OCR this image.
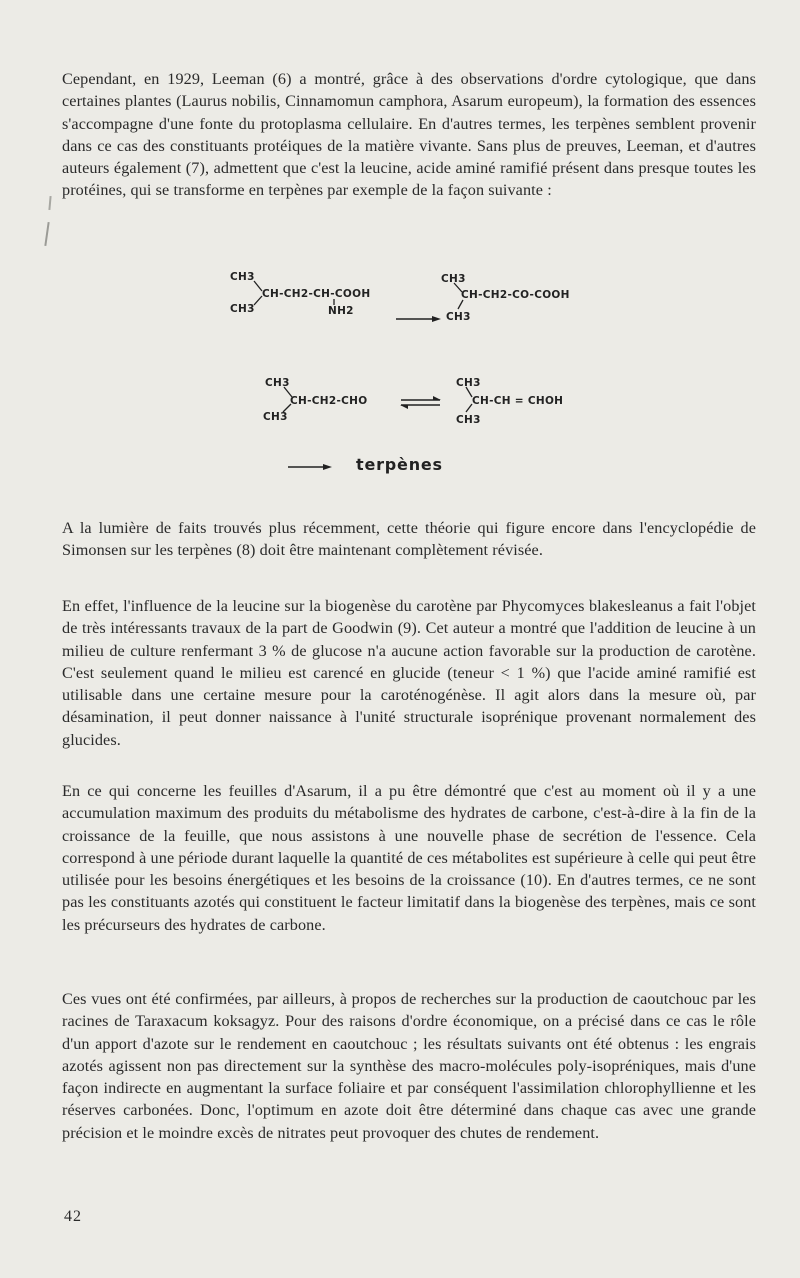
Cependant, en 1929, Leeman (6) a montré, grâce à des observations d'ordre cytologique, que dans certaines plantes (Laurus nobilis, Cinnamomun camphora, Asarum europeum), la formation des essences s'accompagne d'une fonte du protoplasma cellulaire. En d'autres termes, les terpènes semblent provenir dans ce cas des constituants protéiques de la matière vivante. Sans plus de preuves, Leeman, et d'autres auteurs également (7), admettent que c'est la leucine, acide aminé ramifié présent dans presque toutes les protéines, qui se transforme en terpènes par exemple de la façon suivante :

CH3
CH-CH2-CH-COOH
CH3	NH2
CH3
CH-CH2-CO-COOH
CH3
CH3
CH-CH2-CHO
CH3
CH3
CH-CH = CHOH
CH3
terpènes

A la lumière de faits trouvés plus récemment, cette théorie qui figure encore dans l'encyclopédie de Simonsen sur les terpènes (8) doit être maintenant complètement révisée.

En effet, l'influence de la leucine sur la biogenèse du carotène par Phycomyces blakesleanus a fait l'objet de très intéressants travaux de la part de Goodwin (9). Cet auteur a montré que l'addition de leucine à un milieu de culture renfermant 3 % de glucose n'a aucune action favorable sur la production de carotène. C'est seulement quand le milieu est carencé en glucide (teneur < 1 %) que l'acide aminé ramifié est utilisable dans une certaine mesure pour la caroténogénèse. Il agit alors dans la mesure où, par désamination, il peut donner naissance à l'unité structurale isoprénique provenant normalement des glucides.

En ce qui concerne les feuilles d'Asarum, il a pu être démontré que c'est au moment où il y a une accumulation maximum des produits du métabolisme des hydrates de carbone, c'est-à-dire à la fin de la croissance de la feuille, que nous assistons à une nouvelle phase de secrétion de l'essence. Cela correspond à une période durant laquelle la quantité de ces métabolites est supérieure à celle qui peut être utilisée pour les besoins énergétiques et les besoins de la croissance (10). En d'autres termes, ce ne sont pas les constituants azotés qui constituent le facteur limitatif dans la biogenèse des terpènes, mais ce sont les précurseurs des hydrates de carbone.

Ces vues ont été confirmées, par ailleurs, à propos de recherches sur la production de caoutchouc par les racines de Taraxacum koksagyz. Pour des raisons d'ordre économique, on a précisé dans ce cas le rôle d'un apport d'azote sur le rendement en caoutchouc ; les résultats suivants ont été obtenus : les engrais azotés agissent non pas directement sur la synthèse des macro-molécules poly-isopréniques, mais d'une façon indirecte en augmentant la surface foliaire et par conséquent l'assimilation chlorophyllienne et les réserves carbonées. Donc, l'optimum en azote doit être déterminé dans chaque cas avec une grande précision et le moindre excès de nitrates peut provoquer des chutes de rendement.

42
